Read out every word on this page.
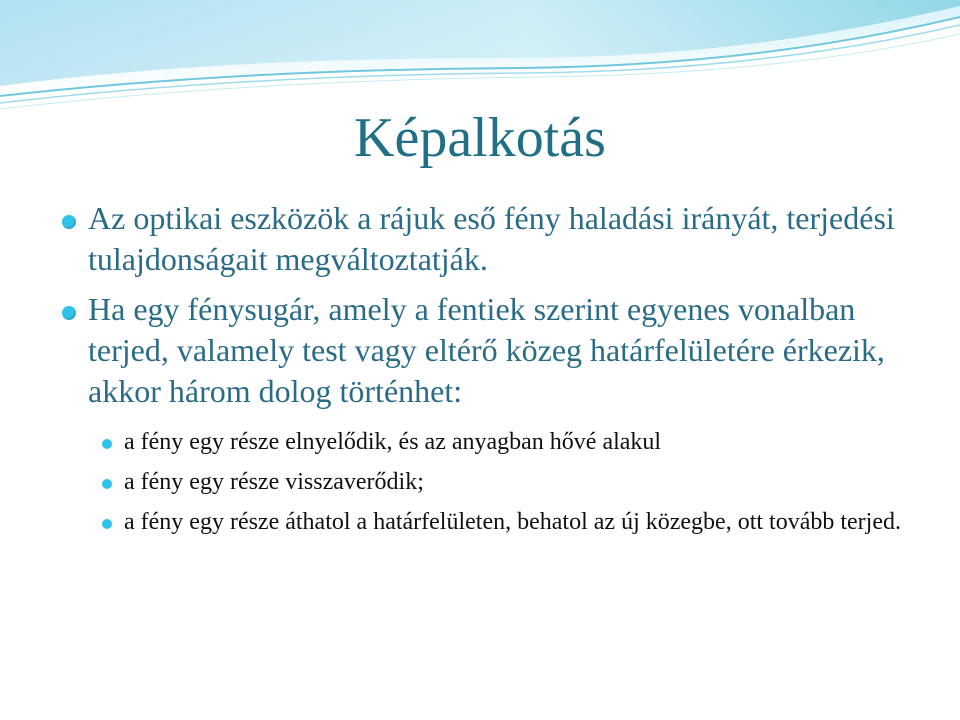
Képalkotás
Az optikai eszközök a rájuk eső fény haladási irányát, terjedési tulajdonságait megváltoztatják.
Ha egy fénysugár, amely a fentiek szerint egyenes vonalban terjed, valamely test vagy eltérő közeg határfelületére érkezik, akkor három dolog történhet:
a fény egy része elnyelődik, és az anyagban hővé alakul
a fény egy része visszaverődik;
a fény egy része áthatol a határfelületen, behatol az új közegbe, ott tovább terjed.
